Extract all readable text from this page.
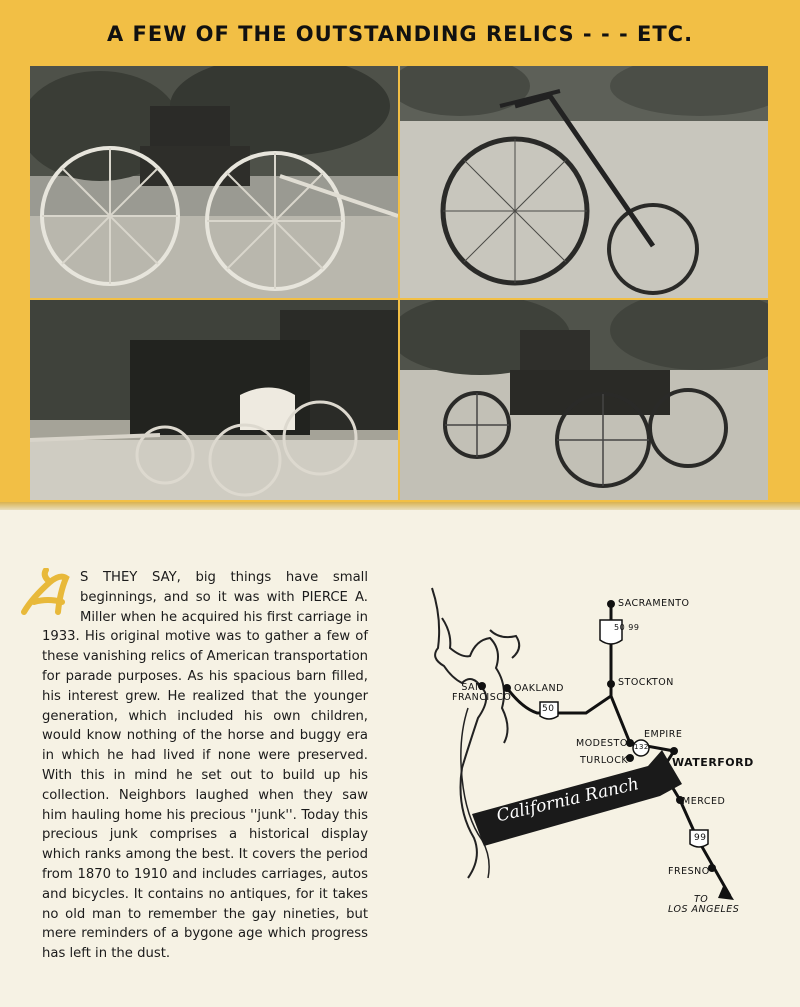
A FEW OF THE OUTSTANDING RELICS - - - ETC.
S THEY SAY, big things have small beginnings, and so it was with PIERCE A. Miller when he acquired his first carriage in 1933. His original motive was to gather a few of these vanishing relics of American transportation for parade purposes. As his spacious barn filled, his interest grew. He realized that the younger generation, which included his own children, would know nothing of the horse and buggy era in which he had lived if none were preserved. With this in mind he set out to build up his collection. Neighbors laughed when they saw him hauling home his precious ''junk''. Today this precious junk comprises a historical display which ranks among the best. It covers the period from 1870 to 1910 and includes carriages, autos and bicycles. It contains no antiques, for it takes no old man to remember the gay nineties, but mere reminders of a bygone age which progress has left in the dust.
50 99
50
132
99
SACRAMENTO
STOCKTON
SAN FRANCISCO
OAKLAND
MODESTO
EMPIRE
TURLOCK	WATERFORD
MERCED
FRESNO
TO
LOS ANGELES
California Ranch
